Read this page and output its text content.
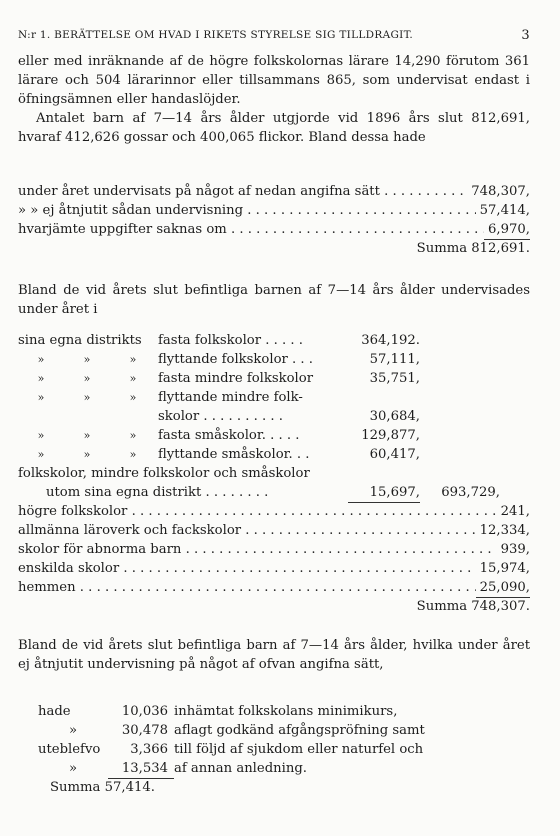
N:r 1. BERÄTTELSE OM HVAD I RIKETS STYRELSE SIG TILLDRAGIT.	3

eller med inräknande af de högre folkskolornas lärare 14,290 förutom 361 lärare och 504 lärarinnor eller tillsammans 865, som undervisat endast i öfningsämnen eller handaslöjder.

Antalet barn af 7—14 års ålder utgjorde vid 1896 års slut 812,691, hvaraf 412,626 gossar och 400,065 flickor. Bland dessa hade

under året undervisats på något af nedan angifna sätt . . .	748,307,
» » ej åtnjutit sådan undervisning . . .	57,414,
hvarjämte uppgifter saknas om . . .	6,970,
Summa 812,691.

Bland de vid årets slut befintliga barnen af 7—14 års ålder undervisades under året i

sina egna distrikts	fasta folkskolor . . . . .	364,192.
»	»	»	flyttande folkskolor . . .	57,111,
»	»	»	fasta mindre folkskolor	35,751,
»	»	»	flyttande mindre folk-
skolor . . . . . . . . . .	30,684,
»	»	»	fasta småskolor. . . . .	129,877,
»	»	»	flyttande småskolor. . .	60,417,
folkskolor, mindre folkskolor och småskolor
utom sina egna distrikt . . . . . . . .	15,697,	693,729,
högre folkskolor . . .	241,
allmänna läroverk och fackskolor . . .	12,334,
skolor för abnorma barn . . .	939,
enskilda skolor . . .	15,974,
hemmen . . .	25,090,
Summa 748,307.

Bland de vid årets slut befintliga barn af 7—14 års ålder, hvilka under året ej åtnjutit undervisning på något af ofvan angifna sätt,

hade	10,036 inhämtat folkskolans minimikurs,
»	30,478 aflagt godkänd afgångspröfning samt
uteblefvo	3,366 till följd af sjukdom eller naturfel och
»	13,534 af annan anledning.
Summa 57,414.
